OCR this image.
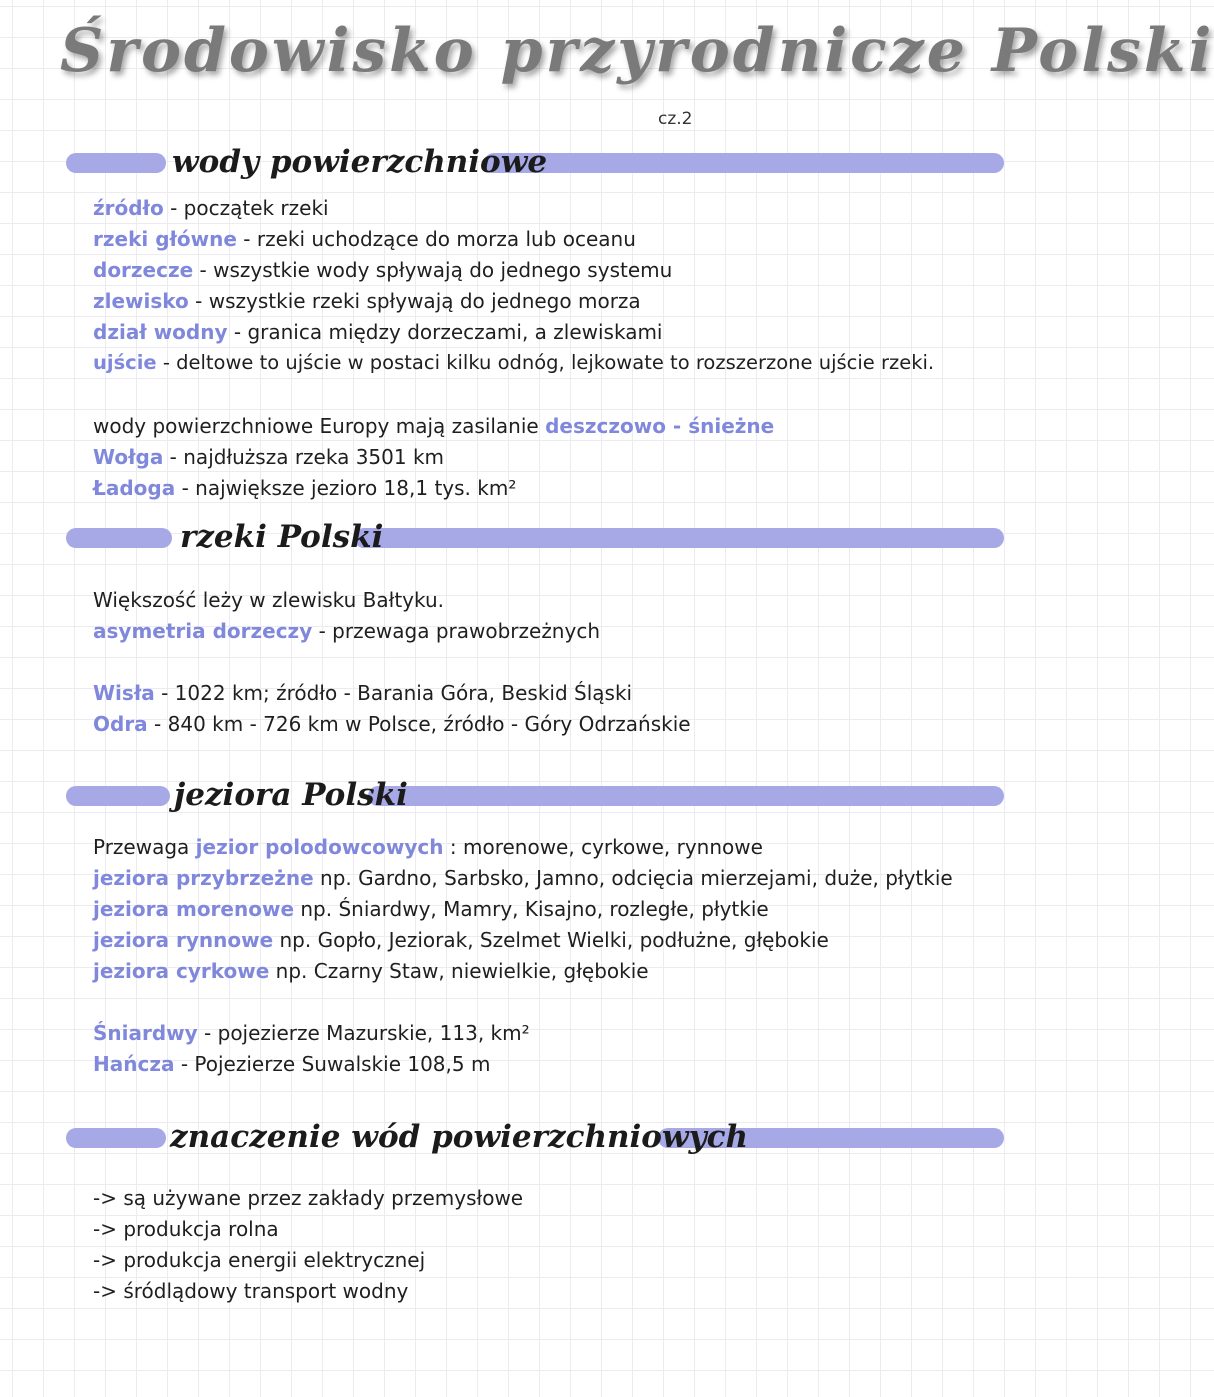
Środowisko przyrodnicze Polski
cz.2
wody powierzchniowe
źródło - początek rzeki
rzeki główne - rzeki uchodzące do morza lub oceanu
dorzecze - wszystkie wody spływają do jednego systemu
zlewisko - wszystkie rzeki spływają do jednego morza
dział wodny - granica między dorzeczami, a zlewiskami
ujście - deltowe to ujście w postaci kilku odnóg, lejkowate to rozszerzone ujście rzeki.
wody powierzchniowe Europy mają zasilanie deszczowo - śnieżne
Wołga - najdłuższa rzeka 3501 km
Ładoga - największe jezioro 18,1 tys. km²
rzeki Polski
Większość leży w zlewisku Bałtyku.
asymetria dorzeczy - przewaga prawobrzeżnych
Wisła - 1022 km; źródło - Barania Góra, Beskid Śląski
Odra - 840 km - 726 km w Polsce, źródło - Góry Odrzańskie
jeziora Polski
Przewaga jezior polodowcowych : morenowe, cyrkowe, rynnowe
jeziora przybrzeżne np. Gardno, Sarbsko, Jamno, odcięcia mierzejami, duże, płytkie
jeziora morenowe np. Śniardwy, Mamry, Kisajno, rozległe, płytkie
jeziora rynnowe np. Gopło, Jeziorak, Szelmet Wielki, podłużne, głębokie
jeziora cyrkowe np. Czarny Staw, niewielkie, głębokie
Śniardwy - pojezierze Mazurskie, 113, km²
Hańcza - Pojezierze Suwalskie 108,5 m
znaczenie wód powierzchniowych
-> są używane przez zakłady przemysłowe
-> produkcja rolna
-> produkcja energii elektrycznej
-> śródlądowy transport wodny
